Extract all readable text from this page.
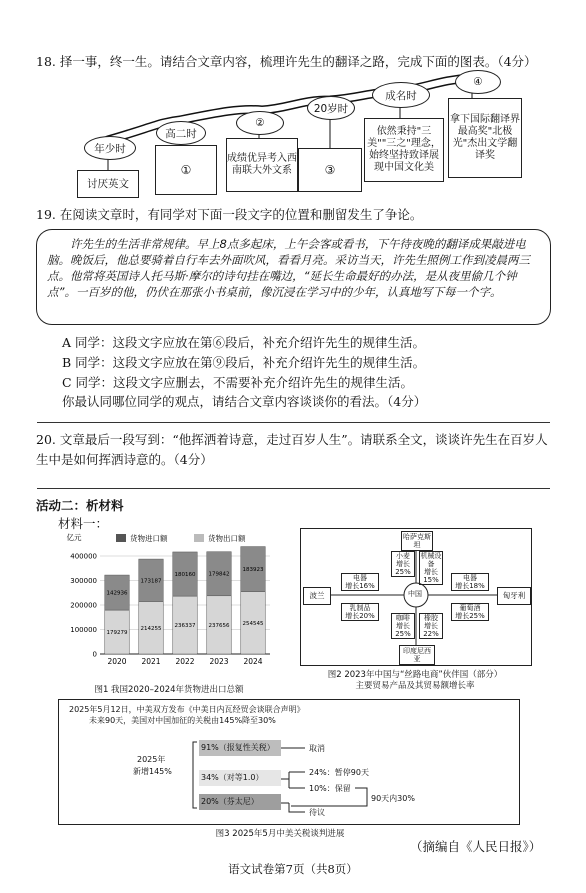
18. 择一事，终一生。请结合文章内容，梳理许先生的翻译之路，完成下面的图表。（4分）
年少时
高二时
②
20岁时
成名时
④
讨厌英文
①
成绩优异考入西南联大外文系	③
依然秉持"三美""三之"理念，始终坚持致译展现中国文化美
拿下国际翻译界最高奖"北极光"杰出文学翻译奖
19. 在阅读文章时，有同学对下面一段文字的位置和删留发生了争论。
许先生的生活非常规律。早上8点多起床，上午会客或看书，下午待夜晚的翻译成果敲进电脑。晚饭后，他总要骑着自行车去外面吹风，看看月亮。采访当天，许先生照例工作到凌晨两三点。他常将英国诗人托马斯·摩尔的诗句挂在嘴边，“延长生命最好的办法，是从夜里偷几个钟点”。一百岁的他，仍伏在那张小书桌前，像沉浸在学习中的少年，认真地写下每一个字。
A 同学：这段文字应放在第⑥段后，补充介绍许先生的规律生活。
B 同学：这段文字应放在第⑨段后，补充介绍许先生的规律生活。
C 同学：这段文字应删去，不需要补充介绍许先生的规律生活。
你最认同哪位同学的观点，请结合文章内容谈谈你的看法。（4分）
20. 文章最后一段写到：“他挥洒着诗意，走过百岁人生”。请联系全文，谈谈许先生在百岁人生中是如何挥洒诗意的。（4分）
活动二：析材料
材料一：
亿元	货物进口额	货物出口额
400000
300000
200000
100000
0
179279
142936
2020
214255
173187
2021
236337
180160
2022
237656
179842
2023
254545
183923
2024
图1 我国2020–2024年货物进出口总额
哈萨克斯坦
波兰	匈牙利
印度尼西亚
中国
小麦
增长25%
机械设备
增长15%
电器
增长16%
电器
增长18%
乳制品
增长20%
葡萄酒
增长25%
咖啡
增长25%
橡胶
增长22%
图2 2023年中国与“丝路电商”伙伴国（部分）
主要贸易产品及其贸易额增长率
2025年5月12日，中美双方发布《中美日内瓦经贸会谈联合声明》
未来90天，美国对中国加征的关税由145%降至30%
2025年
新增145%
91%（报复性关税）
34%（对等1.0）
20%（芬太尼）
取消
24%：暂停90天
10%：保留
待议
90天内30%
图3 2025年5月中美关税谈判进展
（摘编自《人民日报》）
语文试卷第7页（共8页）
